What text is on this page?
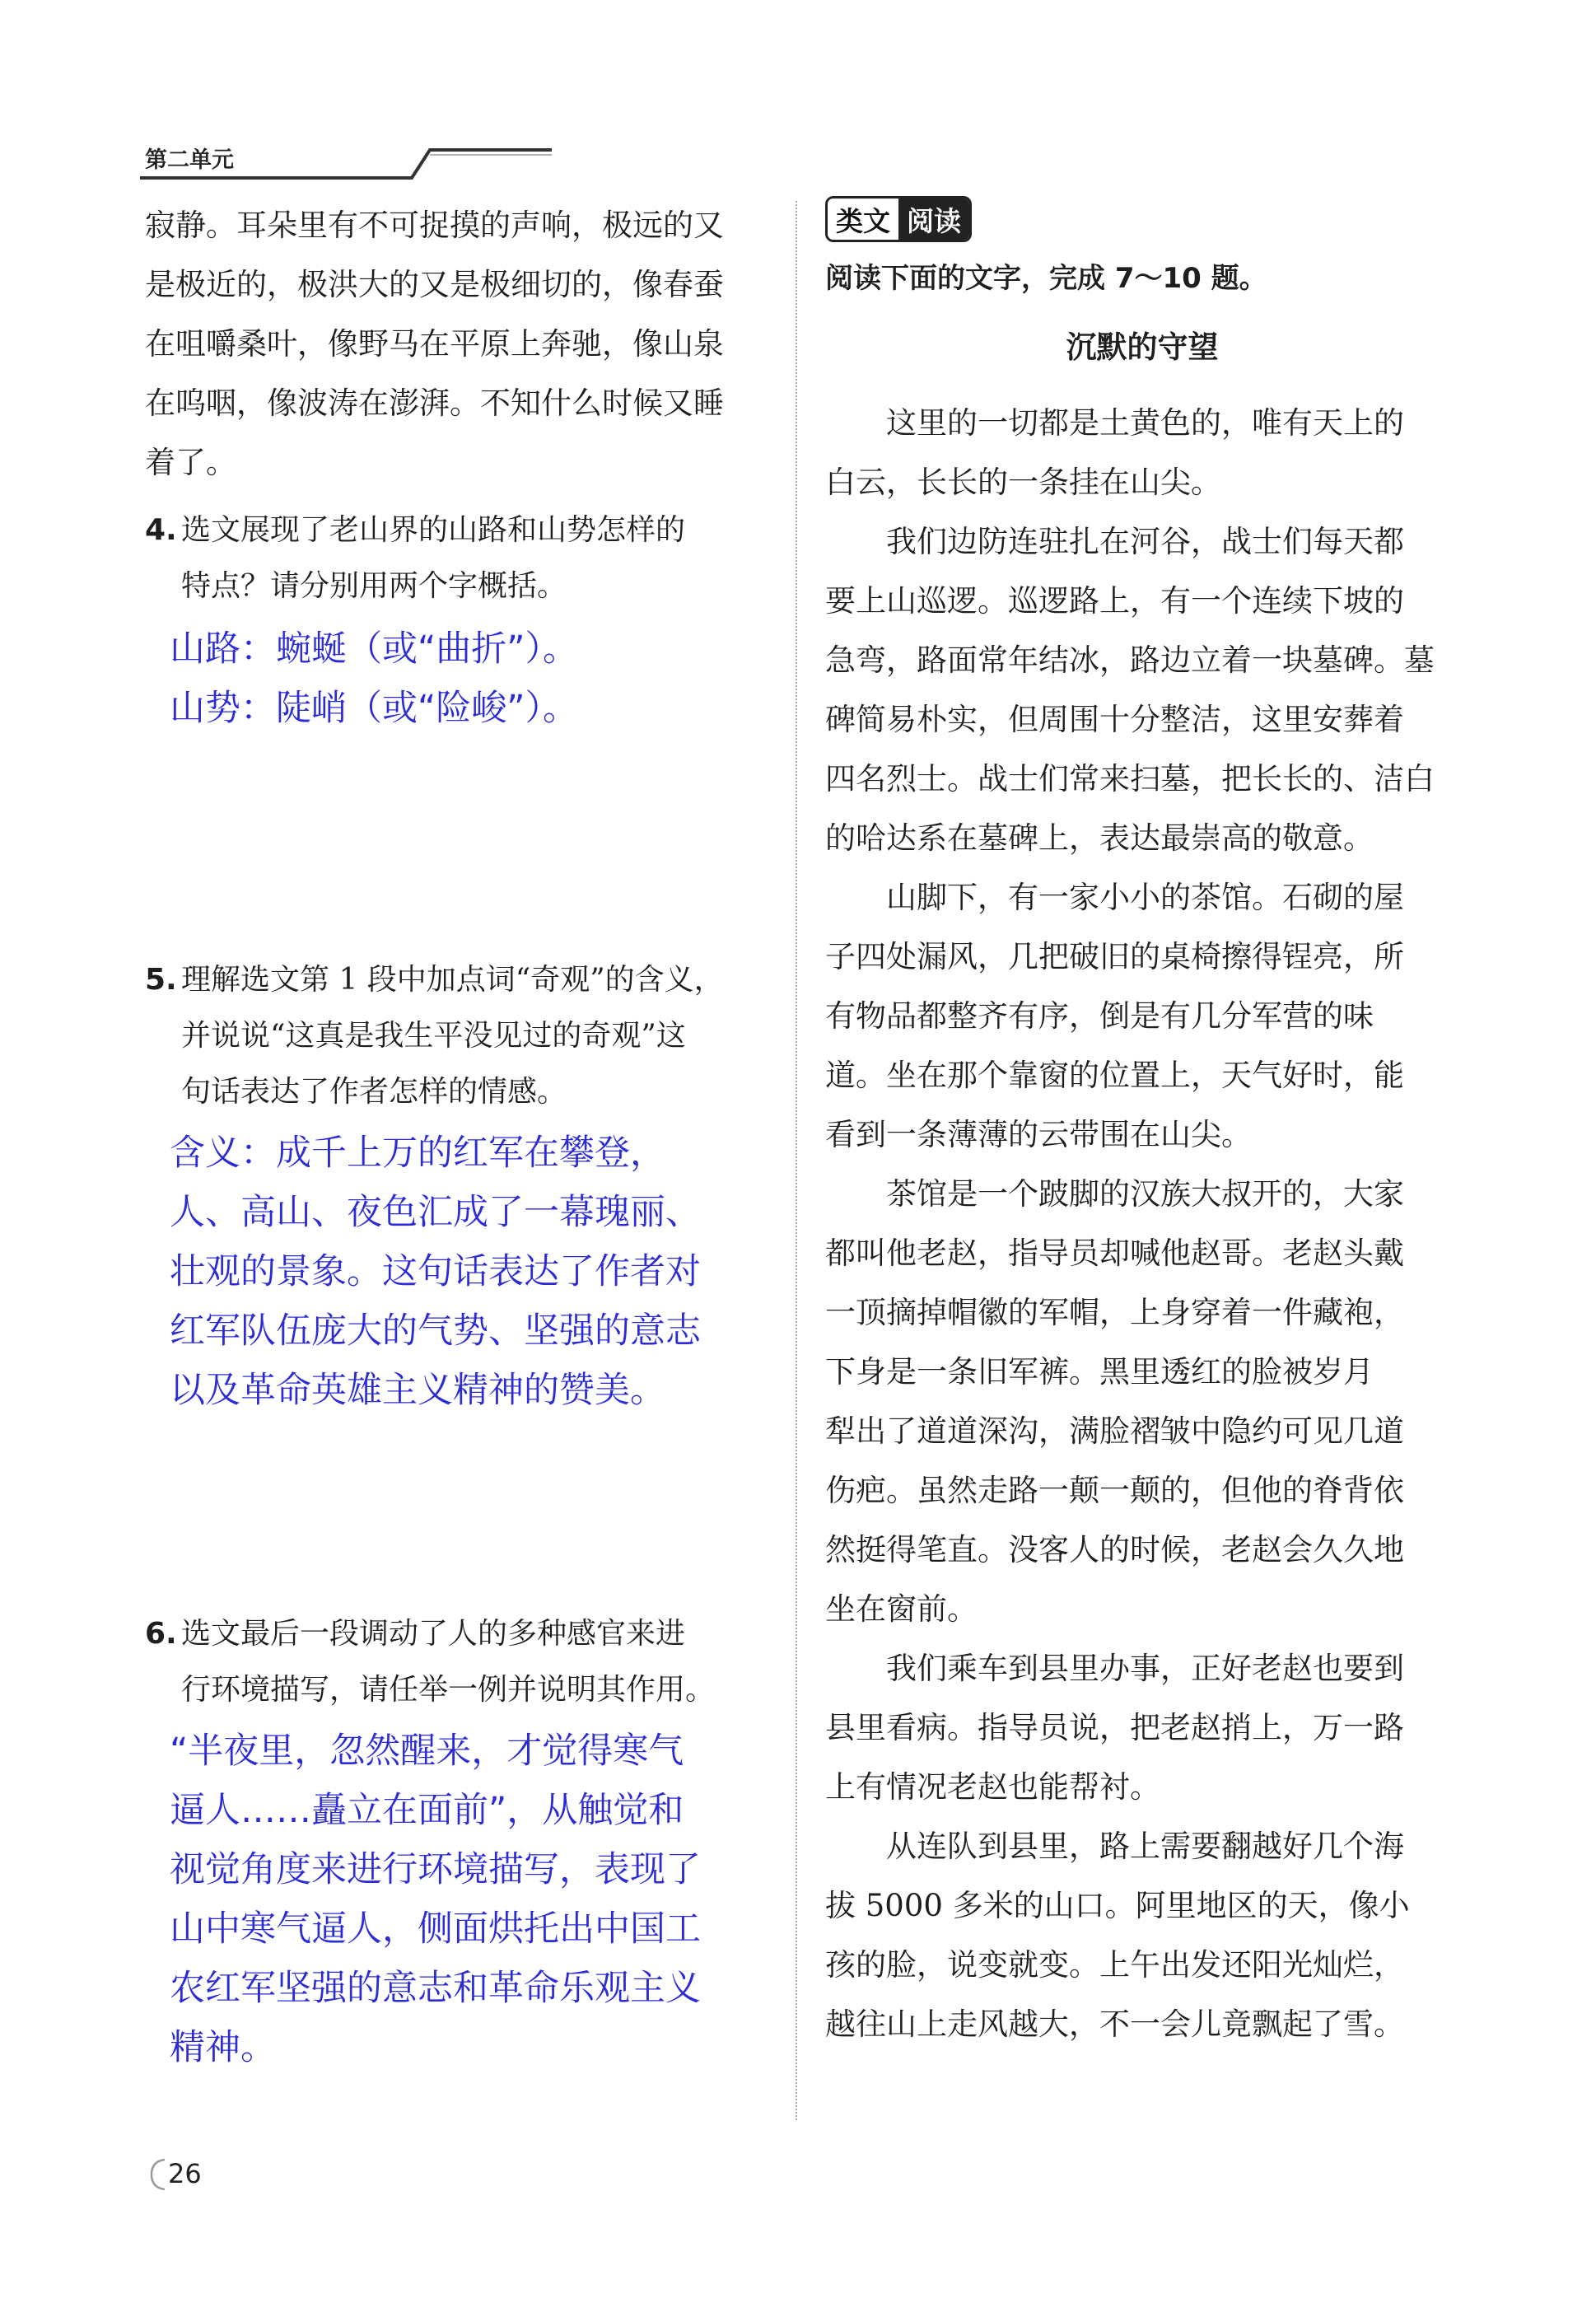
第二单元
寂静。耳朵里有不可捉摸的声响，极远的又
是极近的，极洪大的又是极细切的，像春蚕
在咀嚼桑叶，像野马在平原上奔驰，像山泉
在呜咽，像波涛在澎湃。不知什么时候又睡
着了。
4. 选文展现了老山界的山路和山势怎样的
特点？请分别用两个字概括。
山路：蜿蜒（或“曲折”）。
山势：陡峭（或“险峻”）。
5. 理解选文第 1 段中加点词“奇观”的含义，
并说说“这真是我生平没见过的奇观”这
句话表达了作者怎样的情感。
含义：成千上万的红军在攀登，
人、高山、夜色汇成了一幕瑰丽、
壮观的景象。这句话表达了作者对
红军队伍庞大的气势、坚强的意志
以及革命英雄主义精神的赞美。
6. 选文最后一段调动了人的多种感官来进
行环境描写，请任举一例并说明其作用。
“半夜里，忽然醒来，才觉得寒气
逼人……矗立在面前”，从触觉和
视觉角度来进行环境描写，表现了
山中寒气逼人，侧面烘托出中国工
农红军坚强的意志和革命乐观主义
精神。
类文 阅读
阅读下面的文字，完成 7～10 题。
沉默的守望
这里的一切都是土黄色的，唯有天上的
白云，长长的一条挂在山尖。
我们边防连驻扎在河谷，战士们每天都
要上山巡逻。巡逻路上，有一个连续下坡的
急弯，路面常年结冰，路边立着一块墓碑。墓
碑简易朴实，但周围十分整洁，这里安葬着
四名烈士。战士们常来扫墓，把长长的、洁白
的哈达系在墓碑上，表达最崇高的敬意。
山脚下，有一家小小的茶馆。石砌的屋
子四处漏风，几把破旧的桌椅擦得锃亮，所
有物品都整齐有序，倒是有几分军营的味
道。坐在那个靠窗的位置上，天气好时，能
看到一条薄薄的云带围在山尖。
茶馆是一个跛脚的汉族大叔开的，大家
都叫他老赵，指导员却喊他赵哥。老赵头戴
一顶摘掉帽徽的军帽，上身穿着一件藏袍，
下身是一条旧军裤。黑里透红的脸被岁月
犁出了道道深沟，满脸褶皱中隐约可见几道
伤疤。虽然走路一颠一颠的，但他的脊背依
然挺得笔直。没客人的时候，老赵会久久地
坐在窗前。
我们乘车到县里办事，正好老赵也要到
县里看病。指导员说，把老赵捎上，万一路
上有情况老赵也能帮衬。
从连队到县里，路上需要翻越好几个海
拔 5000 多米的山口。阿里地区的天，像小
孩的脸，说变就变。上午出发还阳光灿烂，
越往山上走风越大，不一会儿竟飘起了雪。
26
